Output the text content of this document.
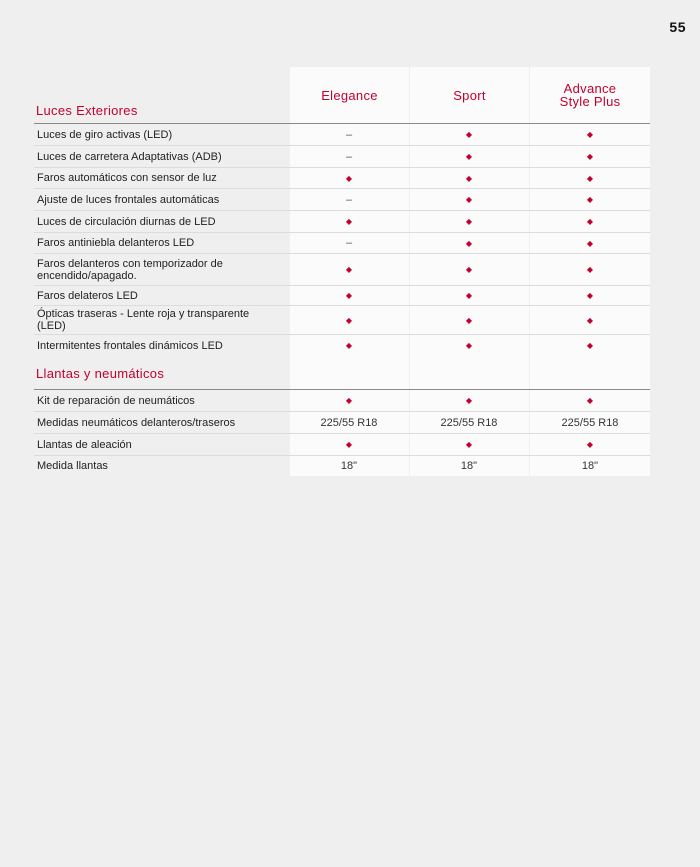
55
Elegance	Sport	Advance
Style Plus
Luces Exteriores
Llantas y neumáticos
Luces de giro activas (LED)	–	◆	◆
Luces de carretera Adaptativas (ADB)	–	◆	◆
Faros automáticos con sensor de luz	◆	◆	◆
Ajuste de luces frontales automáticas	–	◆	◆
Luces de circulación diurnas de LED	◆	◆	◆
Faros antiniebla delanteros LED	–	◆	◆
Faros delanteros con temporizador de encendido/apagado.	◆	◆	◆
Faros delateros LED	◆	◆	◆
Ópticas traseras - Lente roja y transparente (LED)	◆	◆	◆
Intermitentes frontales dinámicos LED	◆	◆	◆
Kit de reparación de neumáticos	◆	◆	◆
Medidas neumáticos delanteros/traseros	225/55 R18	225/55 R18	225/55 R18
Llantas de aleación	◆	◆	◆
Medida llantas	18"	18"	18"
